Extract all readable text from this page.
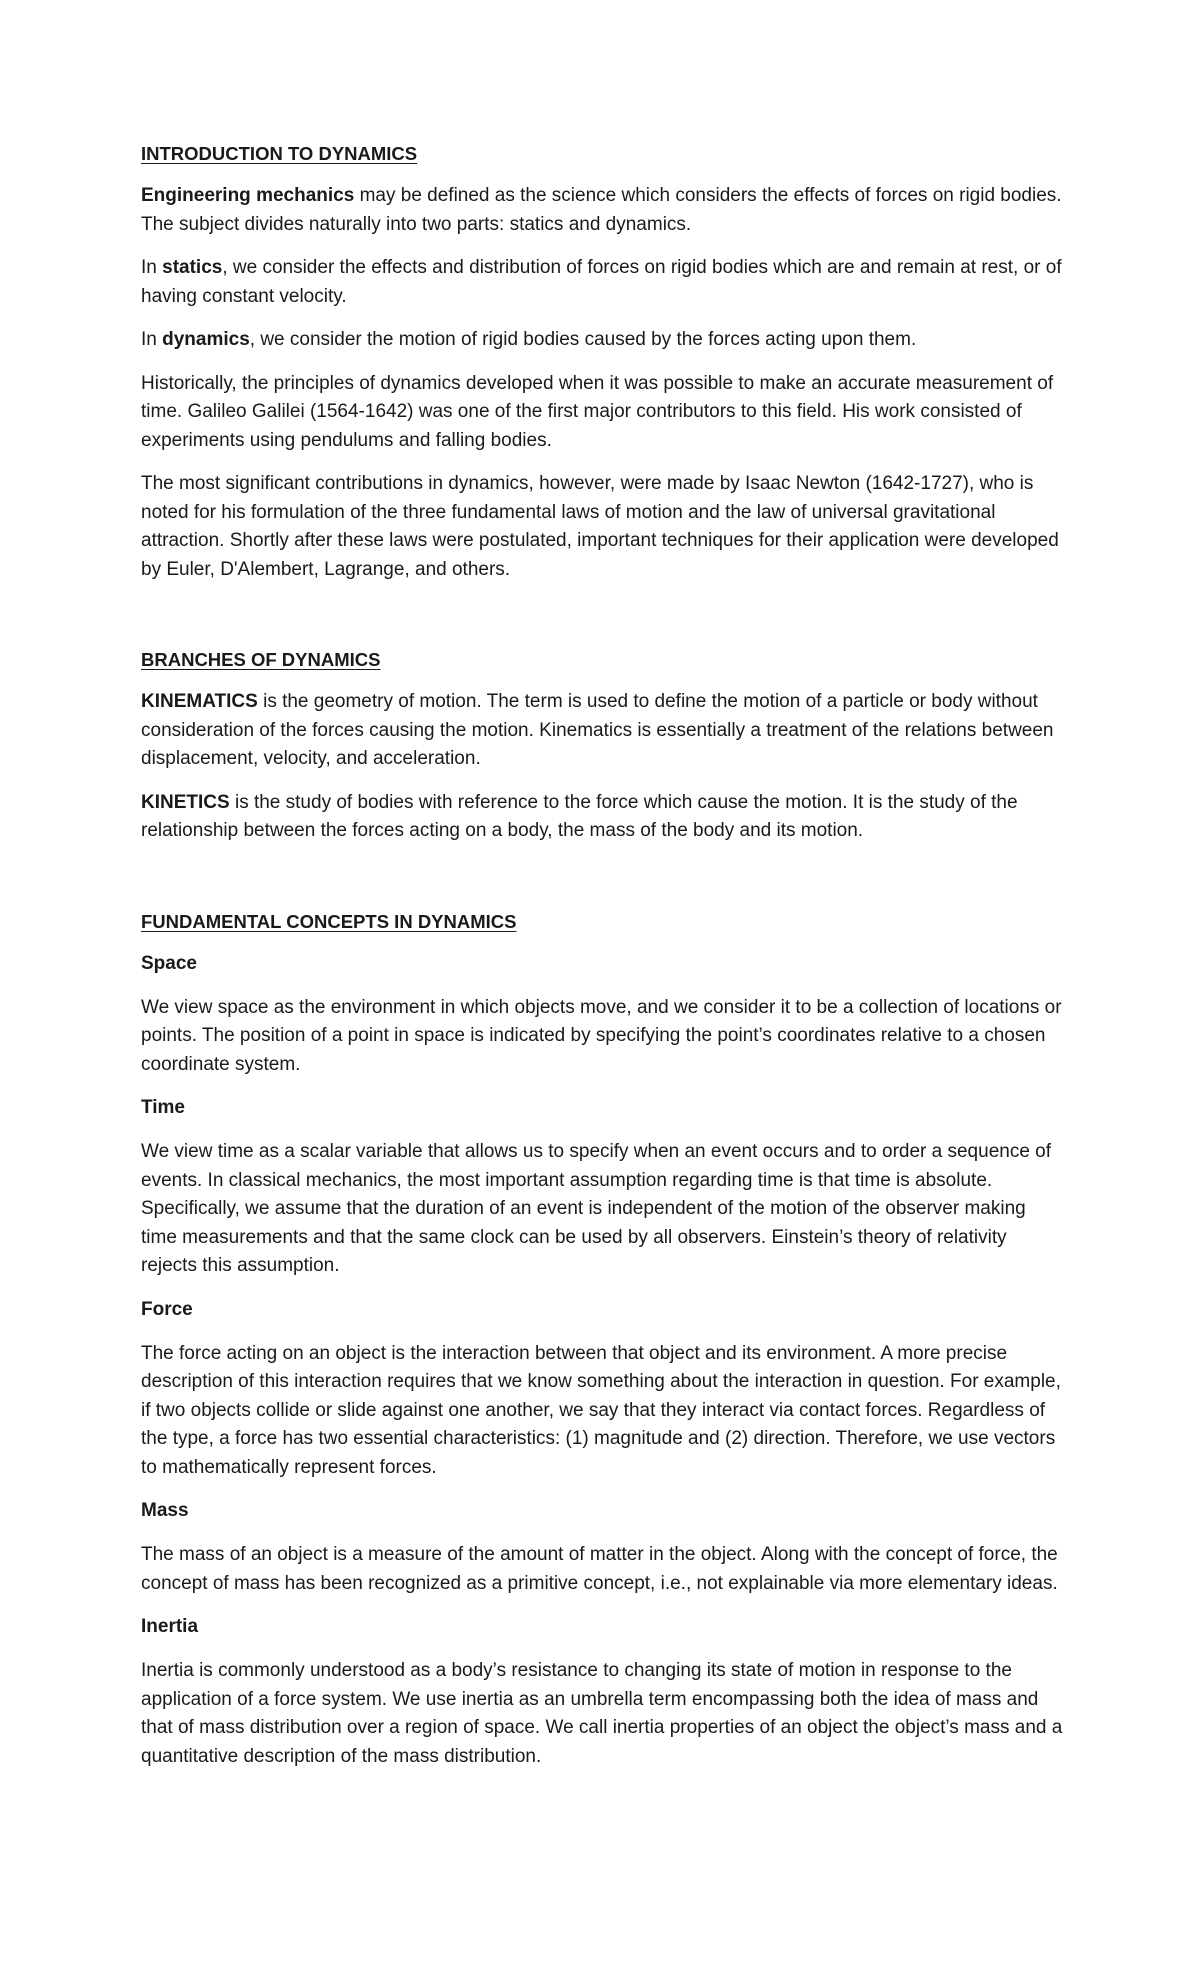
INTRODUCTION TO DYNAMICS

Engineering mechanics may be defined as the science which considers the effects of forces on rigid bodies. The subject divides naturally into two parts: statics and dynamics.

In statics, we consider the effects and distribution of forces on rigid bodies which are and remain at rest, or of having constant velocity.

In dynamics, we consider the motion of rigid bodies caused by the forces acting upon them.

Historically, the principles of dynamics developed when it was possible to make an accurate measurement of time. Galileo Galilei (1564-1642) was one of the first major contributors to this field. His work consisted of experiments using pendulums and falling bodies.

The most significant contributions in dynamics, however, were made by Isaac Newton (1642-1727), who is noted for his formulation of the three fundamental laws of motion and the law of universal gravitational attraction. Shortly after these laws were postulated, important techniques for their application were developed by Euler, D'Alembert, Lagrange, and others.

BRANCHES OF DYNAMICS

KINEMATICS is the geometry of motion. The term is used to define the motion of a particle or body without consideration of the forces causing the motion. Kinematics is essentially a treatment of the relations between displacement, velocity, and acceleration.

KINETICS is the study of bodies with reference to the force which cause the motion. It is the study of the relationship between the forces acting on a body, the mass of the body and its motion.

FUNDAMENTAL CONCEPTS IN DYNAMICS
Space

We view space as the environment in which objects move, and we consider it to be a collection of locations or points. The position of a point in space is indicated by specifying the point’s coordinates relative to a chosen coordinate system.

Time

We view time as a scalar variable that allows us to specify when an event occurs and to order a sequence of events. In classical mechanics, the most important assumption regarding time is that time is absolute. Specifically, we assume that the duration of an event is independent of the motion of the observer making time measurements and that the same clock can be used by all observers. Einstein’s theory of relativity rejects this assumption.

Force

The force acting on an object is the interaction between that object and its environment. A more precise description of this interaction requires that we know something about the interaction in question. For example, if two objects collide or slide against one another, we say that they interact via contact forces. Regardless of the type, a force has two essential characteristics: (1) magnitude and (2) direction. Therefore, we use vectors to mathematically represent forces.

Mass

The mass of an object is a measure of the amount of matter in the object. Along with the concept of force, the concept of mass has been recognized as a primitive concept, i.e., not explainable via more elementary ideas.

Inertia

Inertia is commonly understood as a body’s resistance to changing its state of motion in response to the application of a force system. We use inertia as an umbrella term encompassing both the idea of mass and that of mass distribution over a region of space. We call inertia properties of an object the object’s mass and a quantitative description of the mass distribution.
